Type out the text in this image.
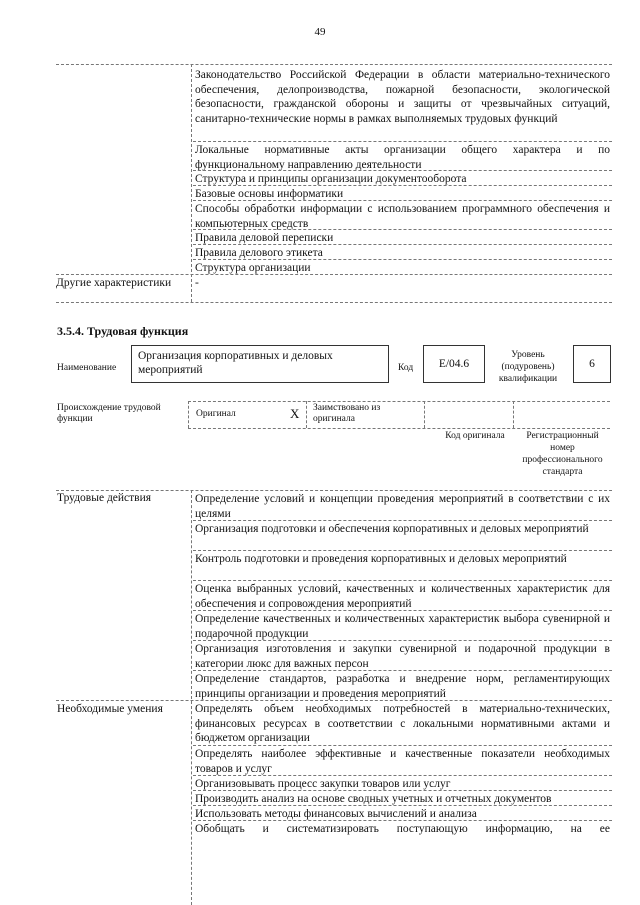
49
Законодательство Российской Федерации в области материально-технического обеспечения, делопроизводства, пожарной безопасности, экологической безопасности, гражданской обороны и защиты от чрезвычайных ситуаций, санитарно-технические нормы в рамках выполняемых трудовых функций
Локальные нормативные акты организации общего характера и по функциональному направлению деятельности
Структура и принципы организации документооборота
Базовые основы информатики
Способы обработки информации с использованием программного обеспечения и компьютерных средств
Правила деловой переписки
Правила делового этикета
Структура организации
Другие характеристики	-
3.5.4. Трудовая функция
Наименование
Организация корпоративных и деловых мероприятий	Код	E/04.6
Уровень (подуровень) квалификации
6
Происхождение трудовой функции	Оригинал	X Заимствовано из оригинала
Код оригинала	Регистрационный номер профессионального стандарта
Трудовые действия	Определение условий и концепции проведения мероприятий в соответствии с их целями
Организация подготовки и обеспечения корпоративных и деловых мероприятий
Контроль подготовки и проведения корпоративных и деловых мероприятий
Оценка выбранных условий, качественных и количественных характеристик для обеспечения и сопровождения мероприятий
Определение качественных и количественных характеристик выбора сувенирной и подарочной продукции
Организация изготовления и закупки сувенирной и подарочной продукции в категории люкс для важных персон
Определение стандартов, разработка и внедрение норм, регламентирующих принципы организации и проведения мероприятий
Необходимые умения	Определять объем необходимых потребностей в материально-технических, финансовых ресурсах в соответствии с локальными нормативными актами и бюджетом организации
Определять наиболее эффективные и качественные показатели необходимых товаров и услуг
Организовывать процесс закупки товаров или услуг
Производить анализ на основе сводных учетных и отчетных документов
Использовать методы финансовых вычислений и анализа
Обобщать и систематизировать поступающую информацию, на ее
